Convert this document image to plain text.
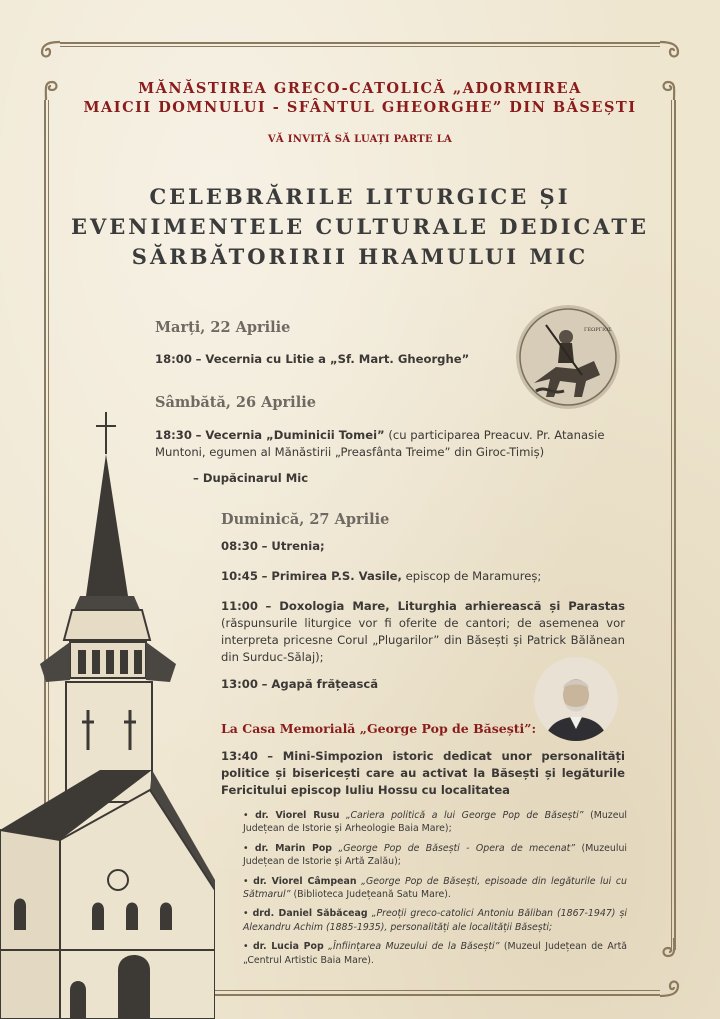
MĂNĂSTIREA GRECO-CATOLICĂ „ADORMIREA
MAICII DOMNULUI - SFÂNTUL GHEORGHE” DIN BĂSEȘTI
VĂ INVITĂ SĂ LUAȚI PARTE LA
CELEBRĂRILE LITURGICE ȘI
EVENIMENTELE CULTURALE DEDICATE
SĂRBĂTORIRII HRAMULUI MIC
ΓΕΩΡΓΙΟΣ
Marți, 22 Aprilie
18:00 – Vecernia cu Litie a „Sf. Mart. Gheorghe”
Sâmbătă, 26 Aprilie
18:30 – Vecernia „Duminicii Tomei” (cu participarea Preacuv. Pr. Atanasie Muntoni, egumen al Mănăstirii „Preasfânta Treime” din Giroc-Timiș)
– Dupăcinarul Mic
Duminică, 27 Aprilie
08:30 – Utrenia;
10:45 – Primirea P.S. Vasile, episcop de Maramureș;
11:00 – Doxologia Mare, Liturghia arhierească și Parastas (răspunsurile liturgice vor fi oferite de cantori; de asemenea vor interpreta pricesne Corul „Plugarilor” din Băsești și Patrick Bălănean din Surduc-Sălaj);
13:00 – Agapă frățească
La Casa Memorială „George Pop de Băsești”:
13:40 – Mini-Simpozion istoric dedicat unor personalități politice și bisericești care au activat la Băsești și legăturile Fericitului episcop Iuliu Hossu cu localitatea
• dr. Viorel Rusu „Cariera politică a lui George Pop de Băsești” (Muzeul Județean de Istorie și Arheologie Baia Mare);
• dr. Marin Pop „George Pop de Băsești - Opera de mecenat” (Muzeului Județean de Istorie și Artă Zalău);
• dr. Viorel Câmpean „George Pop de Băsești, episoade din legăturile lui cu Sătmarul” (Biblioteca Județeană Satu Mare).
• drd. Daniel Săbăceag „Preoții greco-catolici Antoniu Băliban (1867-1947) și Alexandru Achim (1885-1935), personalități ale localității Băsești;
• dr. Lucia Pop „Înființarea Muzeului de la Băsești” (Muzeul Județean de Artă „Centrul Artistic Baia Mare).
